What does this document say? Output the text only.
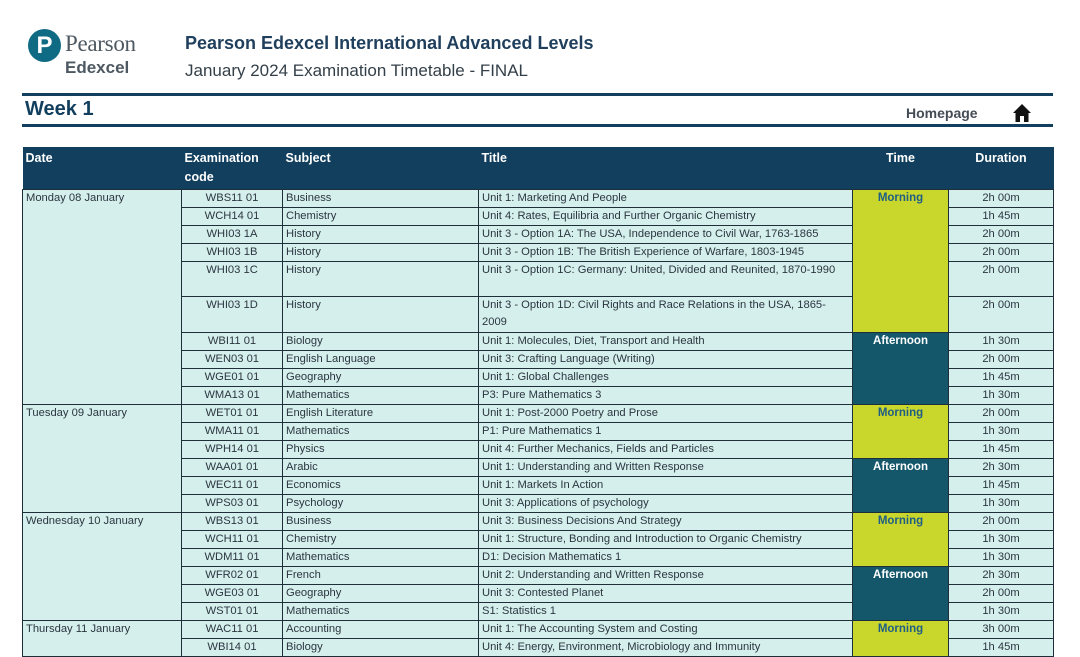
P Pearson
Edexcel
Pearson Edexcel International Advanced Levels
January 2024 Examination Timetable - FINAL
Week 1	Homepage
Date	Examination code	Subject	Title	Time	Duration
Monday 08 January	WBS11 01	Business	Unit 1: Marketing And People	Morning	2h 00m
	WCH14 01	Chemistry	Unit 4: Rates, Equilibria and Further Organic Chemistry		1h 45m
	WHI03 1A	History	Unit 3 - Option 1A: The USA, Independence to Civil War, 1763-1865		2h 00m
	WHI03 1B	History	Unit 3 - Option 1B: The British Experience of Warfare, 1803-1945		2h 00m
	WHI03 1C	History	Unit 3 - Option 1C: Germany: United, Divided and Reunited, 1870-1990		2h 00m
	WHI03 1D	History	Unit 3 - Option 1D: Civil Rights and Race Relations in the USA, 1865-2009		2h 00m
	WBI11 01	Biology	Unit 1: Molecules, Diet, Transport and Health	Afternoon	1h 30m
	WEN03 01	English Language	Unit 3: Crafting Language (Writing)		2h 00m
	WGE01 01	Geography	Unit 1: Global Challenges		1h 45m
	WMA13 01	Mathematics	P3: Pure Mathematics 3		1h 30m
Tuesday 09 January	WET01 01	English Literature	Unit 1: Post-2000 Poetry and Prose	Morning	2h 00m
	WMA11 01	Mathematics	P1: Pure Mathematics 1		1h 30m
	WPH14 01	Physics	Unit 4: Further Mechanics, Fields and Particles		1h 45m
	WAA01 01	Arabic	Unit 1: Understanding and Written Response	Afternoon	2h 30m
	WEC11 01	Economics	Unit 1: Markets In Action		1h 45m
	WPS03 01	Psychology	Unit 3: Applications of psychology		1h 30m
Wednesday 10 January	WBS13 01	Business	Unit 3: Business Decisions And Strategy	Morning	2h 00m
	WCH11 01	Chemistry	Unit 1: Structure, Bonding and Introduction to Organic Chemistry		1h 30m
	WDM11 01	Mathematics	D1: Decision Mathematics 1		1h 30m
	WFR02 01	French	Unit 2: Understanding and Written Response	Afternoon	2h 30m
	WGE03 01	Geography	Unit 3: Contested Planet		2h 00m
	WST01 01	Mathematics	S1: Statistics 1		1h 30m
Thursday 11 January	WAC11 01	Accounting	Unit 1: The Accounting System and Costing	Morning	3h 00m
	WBI14 01	Biology	Unit 4: Energy, Environment, Microbiology and Immunity		1h 45m
